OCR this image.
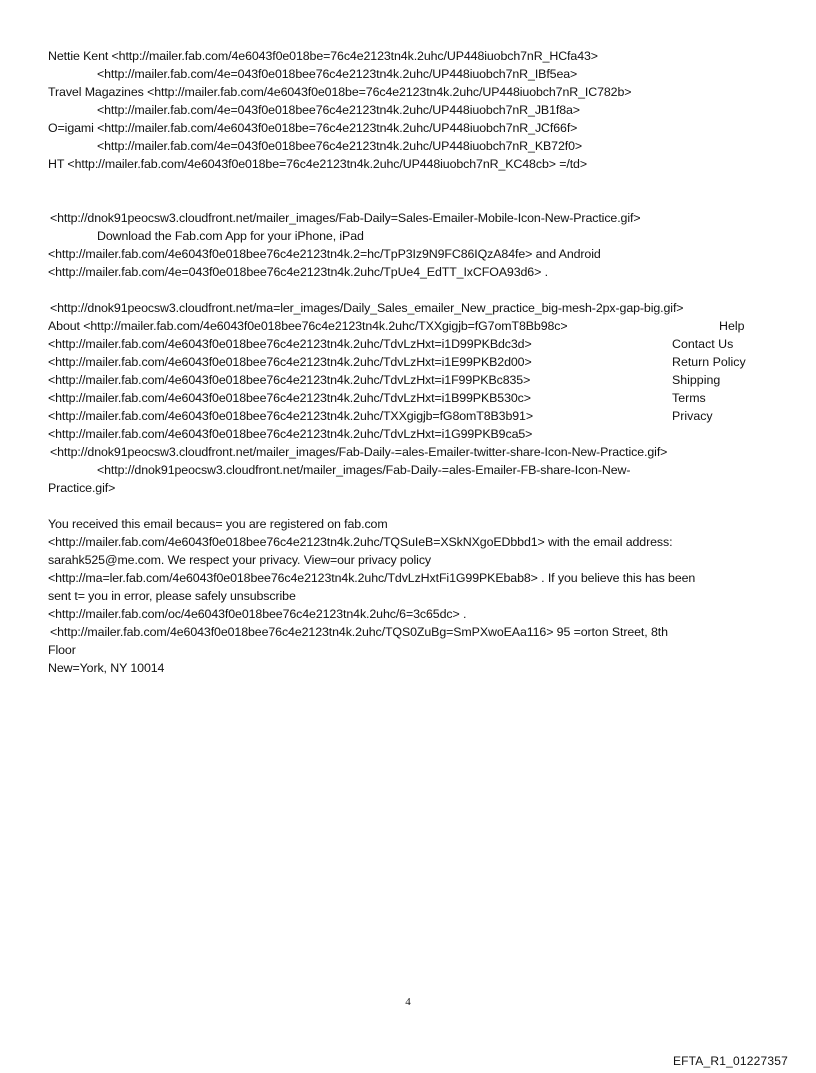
Nettie Kent <http://mailer.fab.com/4e6043f0e018be=76c4e2123tn4k.2uhc/UP448iuobch7nR_HCfa43>
<http://mailer.fab.com/4e=043f0e018bee76c4e2123tn4k.2uhc/UP448iuobch7nR_IBf5ea>
Travel Magazines <http://mailer.fab.com/4e6043f0e018be=76c4e2123tn4k.2uhc/UP448iuobch7nR_IC782b>
<http://mailer.fab.com/4e=043f0e018bee76c4e2123tn4k.2uhc/UP448iuobch7nR_JB1f8a>
O=igami <http://mailer.fab.com/4e6043f0e018be=76c4e2123tn4k.2uhc/UP448iuobch7nR_JCf66f>
<http://mailer.fab.com/4e=043f0e018bee76c4e2123tn4k.2uhc/UP448iuobch7nR_KB72f0>
HT <http://mailer.fab.com/4e6043f0e018be=76c4e2123tn4k.2uhc/UP448iuobch7nR_KC48cb> =/td>
<http://dnok91peocsw3.cloudfront.net/mailer_images/Fab-Daily=Sales-Emailer-Mobile-Icon-New-Practice.gif>
Download the Fab.com App for your iPhone, iPad
<http://mailer.fab.com/4e6043f0e018bee76c4e2123tn4k.2=hc/TpP3Iz9N9FC86IQzA84fe> and Android
<http://mailer.fab.com/4e=043f0e018bee76c4e2123tn4k.2uhc/TpUe4_EdTT_IxCFOA93d6> .
<http://dnok91peocsw3.cloudfront.net/ma=ler_images/Daily_Sales_emailer_New_practice_big-mesh-2px-gap-big.gif>
About <http://mailer.fab.com/4e6043f0e018bee76c4e2123tn4k.2uhc/TXXgigjb=fG7omT8Bb98c>
<http://mailer.fab.com/4e6043f0e018bee76c4e2123tn4k.2uhc/TdvLzHxt=i1D99PKBdc3d>
<http://mailer.fab.com/4e6043f0e018bee76c4e2123tn4k.2uhc/TdvLzHxt=i1E99PKB2d00>
<http://mailer.fab.com/4e6043f0e018bee76c4e2123tn4k.2uhc/TdvLzHxt=i1F99PKBc835>
<http://mailer.fab.com/4e6043f0e018bee76c4e2123tn4k.2uhc/TdvLzHxt=i1B99PKB530c>
<http://mailer.fab.com/4e6043f0e018bee76c4e2123tn4k.2uhc/TXXgigjb=fG8omT8B3b91>
<http://mailer.fab.com/4e6043f0e018bee76c4e2123tn4k.2uhc/TdvLzHxt=i1G99PKB9ca5>
<http://dnok91peocsw3.cloudfront.net/mailer_images/Fab-Daily-=ales-Emailer-twitter-share-Icon-New-Practice.gif>
<http://dnok91peocsw3.cloudfront.net/mailer_images/Fab-Daily-=ales-Emailer-FB-share-Icon-New-
Practice.gif>
Help
Contact Us
Return Policy
Shipping
Terms
Privacy
You received this email becaus= you are registered on fab.com
<http://mailer.fab.com/4e6043f0e018bee76c4e2123tn4k.2uhc/TQSuIeB=XSkNXgoEDbbd1> with the email address:
sarahk525@me.com. We respect your privacy. View=our privacy policy
<http://ma=ler.fab.com/4e6043f0e018bee76c4e2123tn4k.2uhc/TdvLzHxtFi1G99PKEbab8> . If you believe this has been
sent t= you in error, please safely unsubscribe
<http://mailer.fab.com/oc/4e6043f0e018bee76c4e2123tn4k.2uhc/6=3c65dc> .
<http://mailer.fab.com/4e6043f0e018bee76c4e2123tn4k.2uhc/TQS0ZuBg=SmPXwoEAa116> 95 =orton Street, 8th
Floor
New=York, NY 10014
4
EFTA_R1_01227357
